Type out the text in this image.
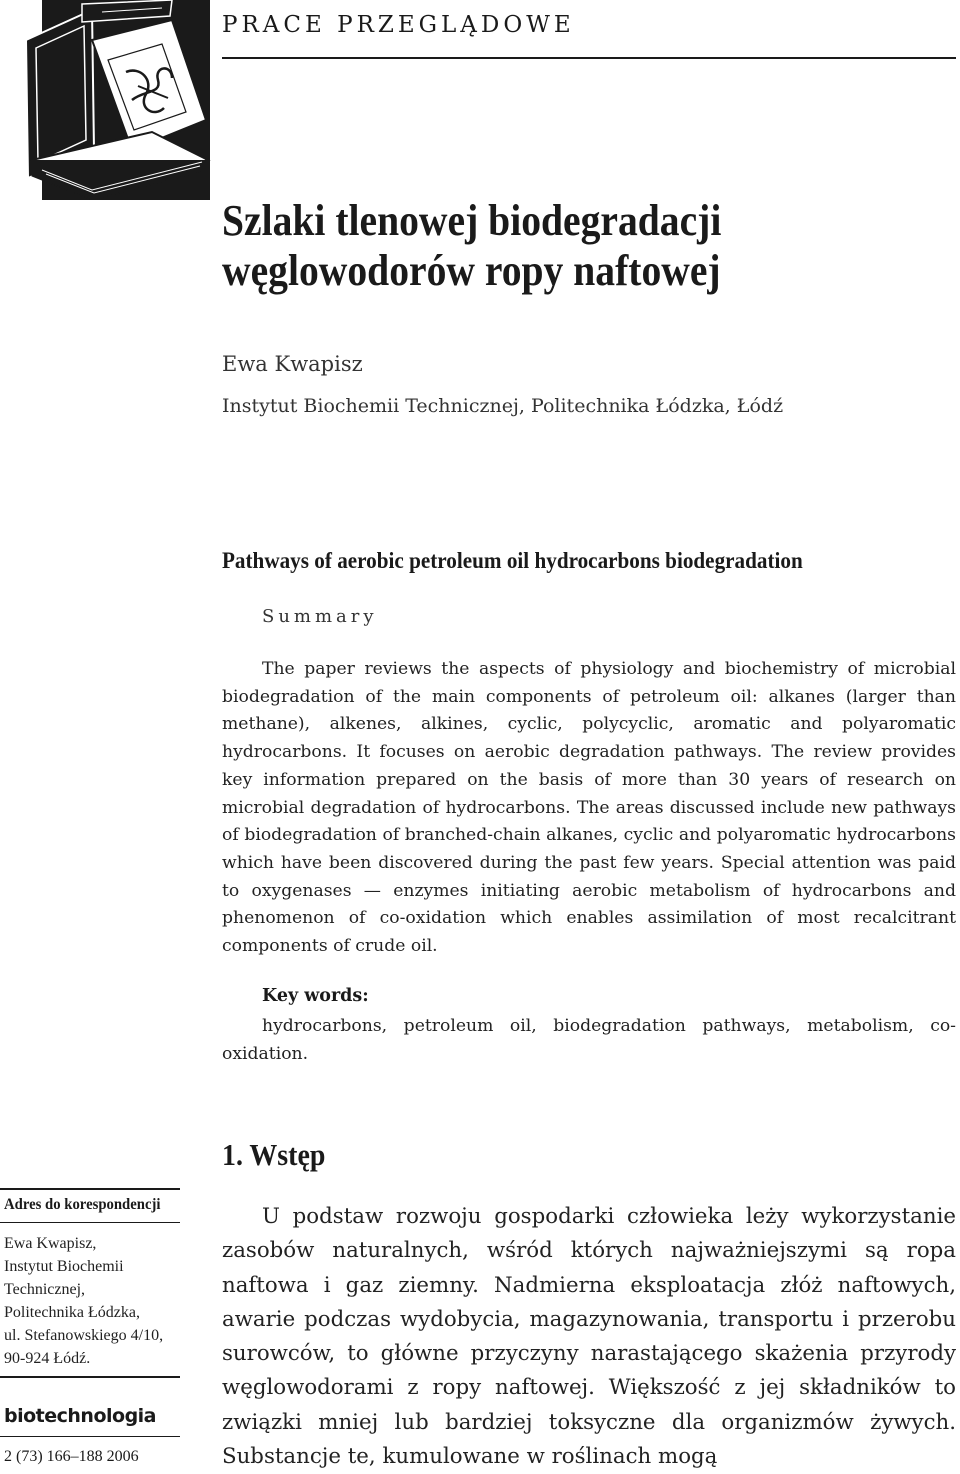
PRACE PRZEGLĄDOWE
Szlaki tlenowej biodegradacji
węglowodorów ropy naftowej
Ewa Kwapisz
Instytut Biochemii Technicznej, Politechnika Łódzka, Łódź
Pathways of aerobic petroleum oil hydrocarbons biodegradation
Summary

The paper reviews the aspects of physiology and biochemistry of microbial biodegradation of the main components of petroleum oil: alkanes (larger than methane), alkenes, alkines, cyclic, polycyclic, aromatic and polyaromatic hydrocarbons. It focuses on aerobic degradation pathways. The review provides key information prepared on the basis of more than 30 years of research on microbial degradation of hydrocarbons. The areas discussed include new pathways of biodegradation of branched-chain alkanes, cyclic and polyaromatic hydrocarbons which have been discovered during the past few years. Special attention was paid to oxygenases — enzymes initiating aerobic metabolism of hydrocarbons and phenomenon of co-oxidation which enables assimilation of most recalcitrant components of crude oil.

Key words:

hydrocarbons, petroleum oil, biodegradation pathways, metabolism, co-oxidation.

1. Wstęp

U podstaw rozwoju gospodarki człowieka leży wykorzystanie zasobów naturalnych, wśród których najważniejszymi są ropa naftowa i gaz ziemny. Nadmierna eksploatacja złóż naftowych, awarie podczas wydobycia, magazynowania, transportu i przerobu surowców, to główne przyczyny narastającego skażenia przyrody węglowodorami z ropy naftowej. Większość z jej składników to związki mniej lub bardziej toksyczne dla organizmów żywych. Substancje te, kumulowane w roślinach mogą

Adres do korespondencji
Ewa Kwapisz,
Instytut Biochemii
Technicznej,
Politechnika Łódzka,
ul. Stefanowskiego 4/10,
90-924 Łódź.
biotechnologia
2 (73) 166–188 2006
